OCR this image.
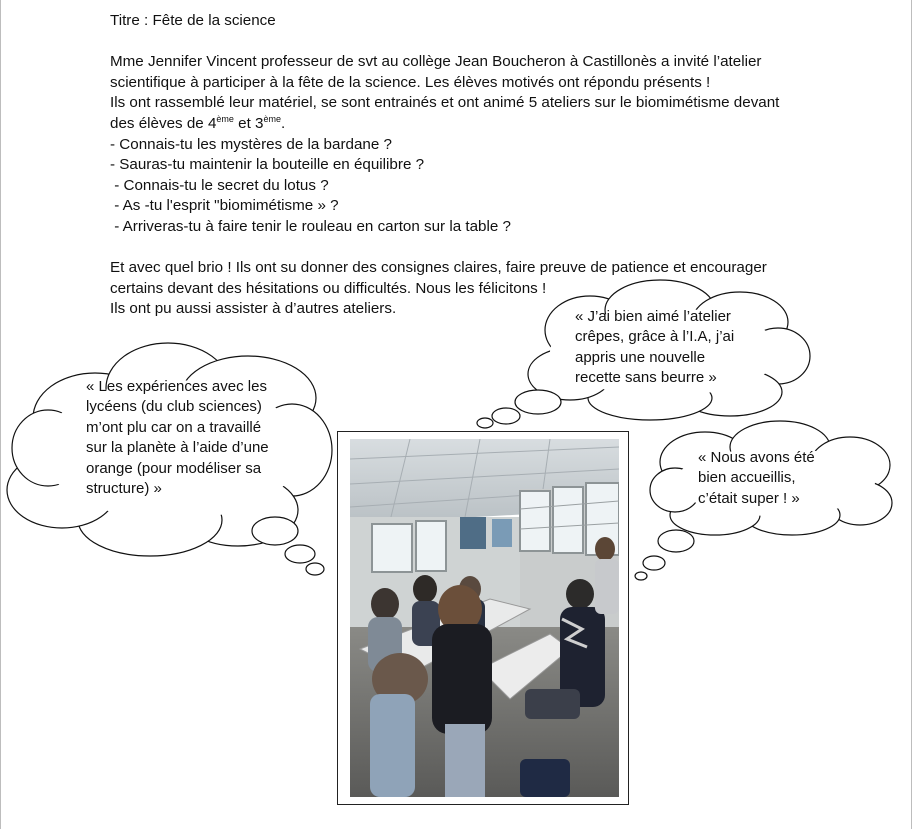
Titre : Fête de la science

Mme Jennifer Vincent professeur de svt au collège Jean Boucheron à Castillonès a invité l’atelier

scientifique à participer à la fête de la science. Les élèves motivés ont répondu présents !

Ils ont rassemblé leur matériel, se sont entrainés et ont animé 5 ateliers sur le biomimétisme devant

des élèves de 4ème et 3ème.

- Connais-tu les mystères de la bardane ?

- Sauras-tu maintenir la bouteille en équilibre ?

- Connais-tu le secret du lotus ?

- As -tu l'esprit "biomimétisme » ?

- Arriveras-tu à faire tenir le rouleau en carton sur la table ?

Et avec quel brio ! Ils ont su donner des consignes claires, faire preuve de patience et encourager

certains devant des hésitations ou difficultés. Nous les félicitons !

Ils ont pu aussi assister à d’autres ateliers.

« Les expériences avec les
lycéens (du club sciences)
m’ont plu car on a travaillé
sur la planète à l’aide d’une
orange (pour modéliser sa
structure) »
« J’ai bien aimé l’atelier
crêpes, grâce à l’I.A, j’ai
appris une nouvelle
recette sans beurre »
« Nous avons été
bien accueillis,
c’était super ! »
